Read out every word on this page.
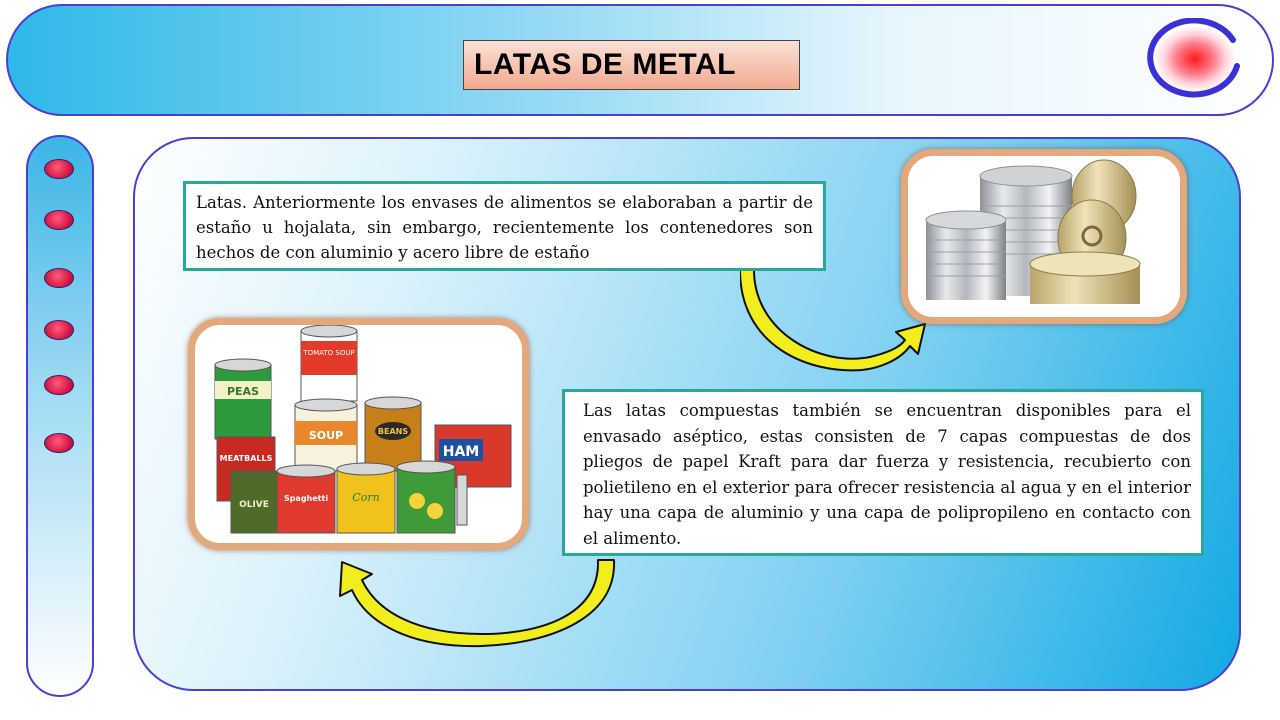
LATAS DE METAL
Latas. Anteriormente los envases de alimentos se elaboraban a partir de estaño u hojalata, sin embargo, recientemente los contenedores son hechos de con aluminio y acero libre de estaño
Las latas compuestas también se encuentran disponibles para el envasado aséptico, estas consisten de 7 capas compuestas de dos pliegos de papel Kraft para dar fuerza y resistencia, recubierto con polietileno en el exterior para ofrecer resistencia al agua y en el interior hay una capa de aluminio y una capa de polipropileno en contacto con el alimento.
TOMATO SOUP
PEAS
SOUP	BEANS
HAM
MEATBALLS
OLIVE
Spaghetti Corn
